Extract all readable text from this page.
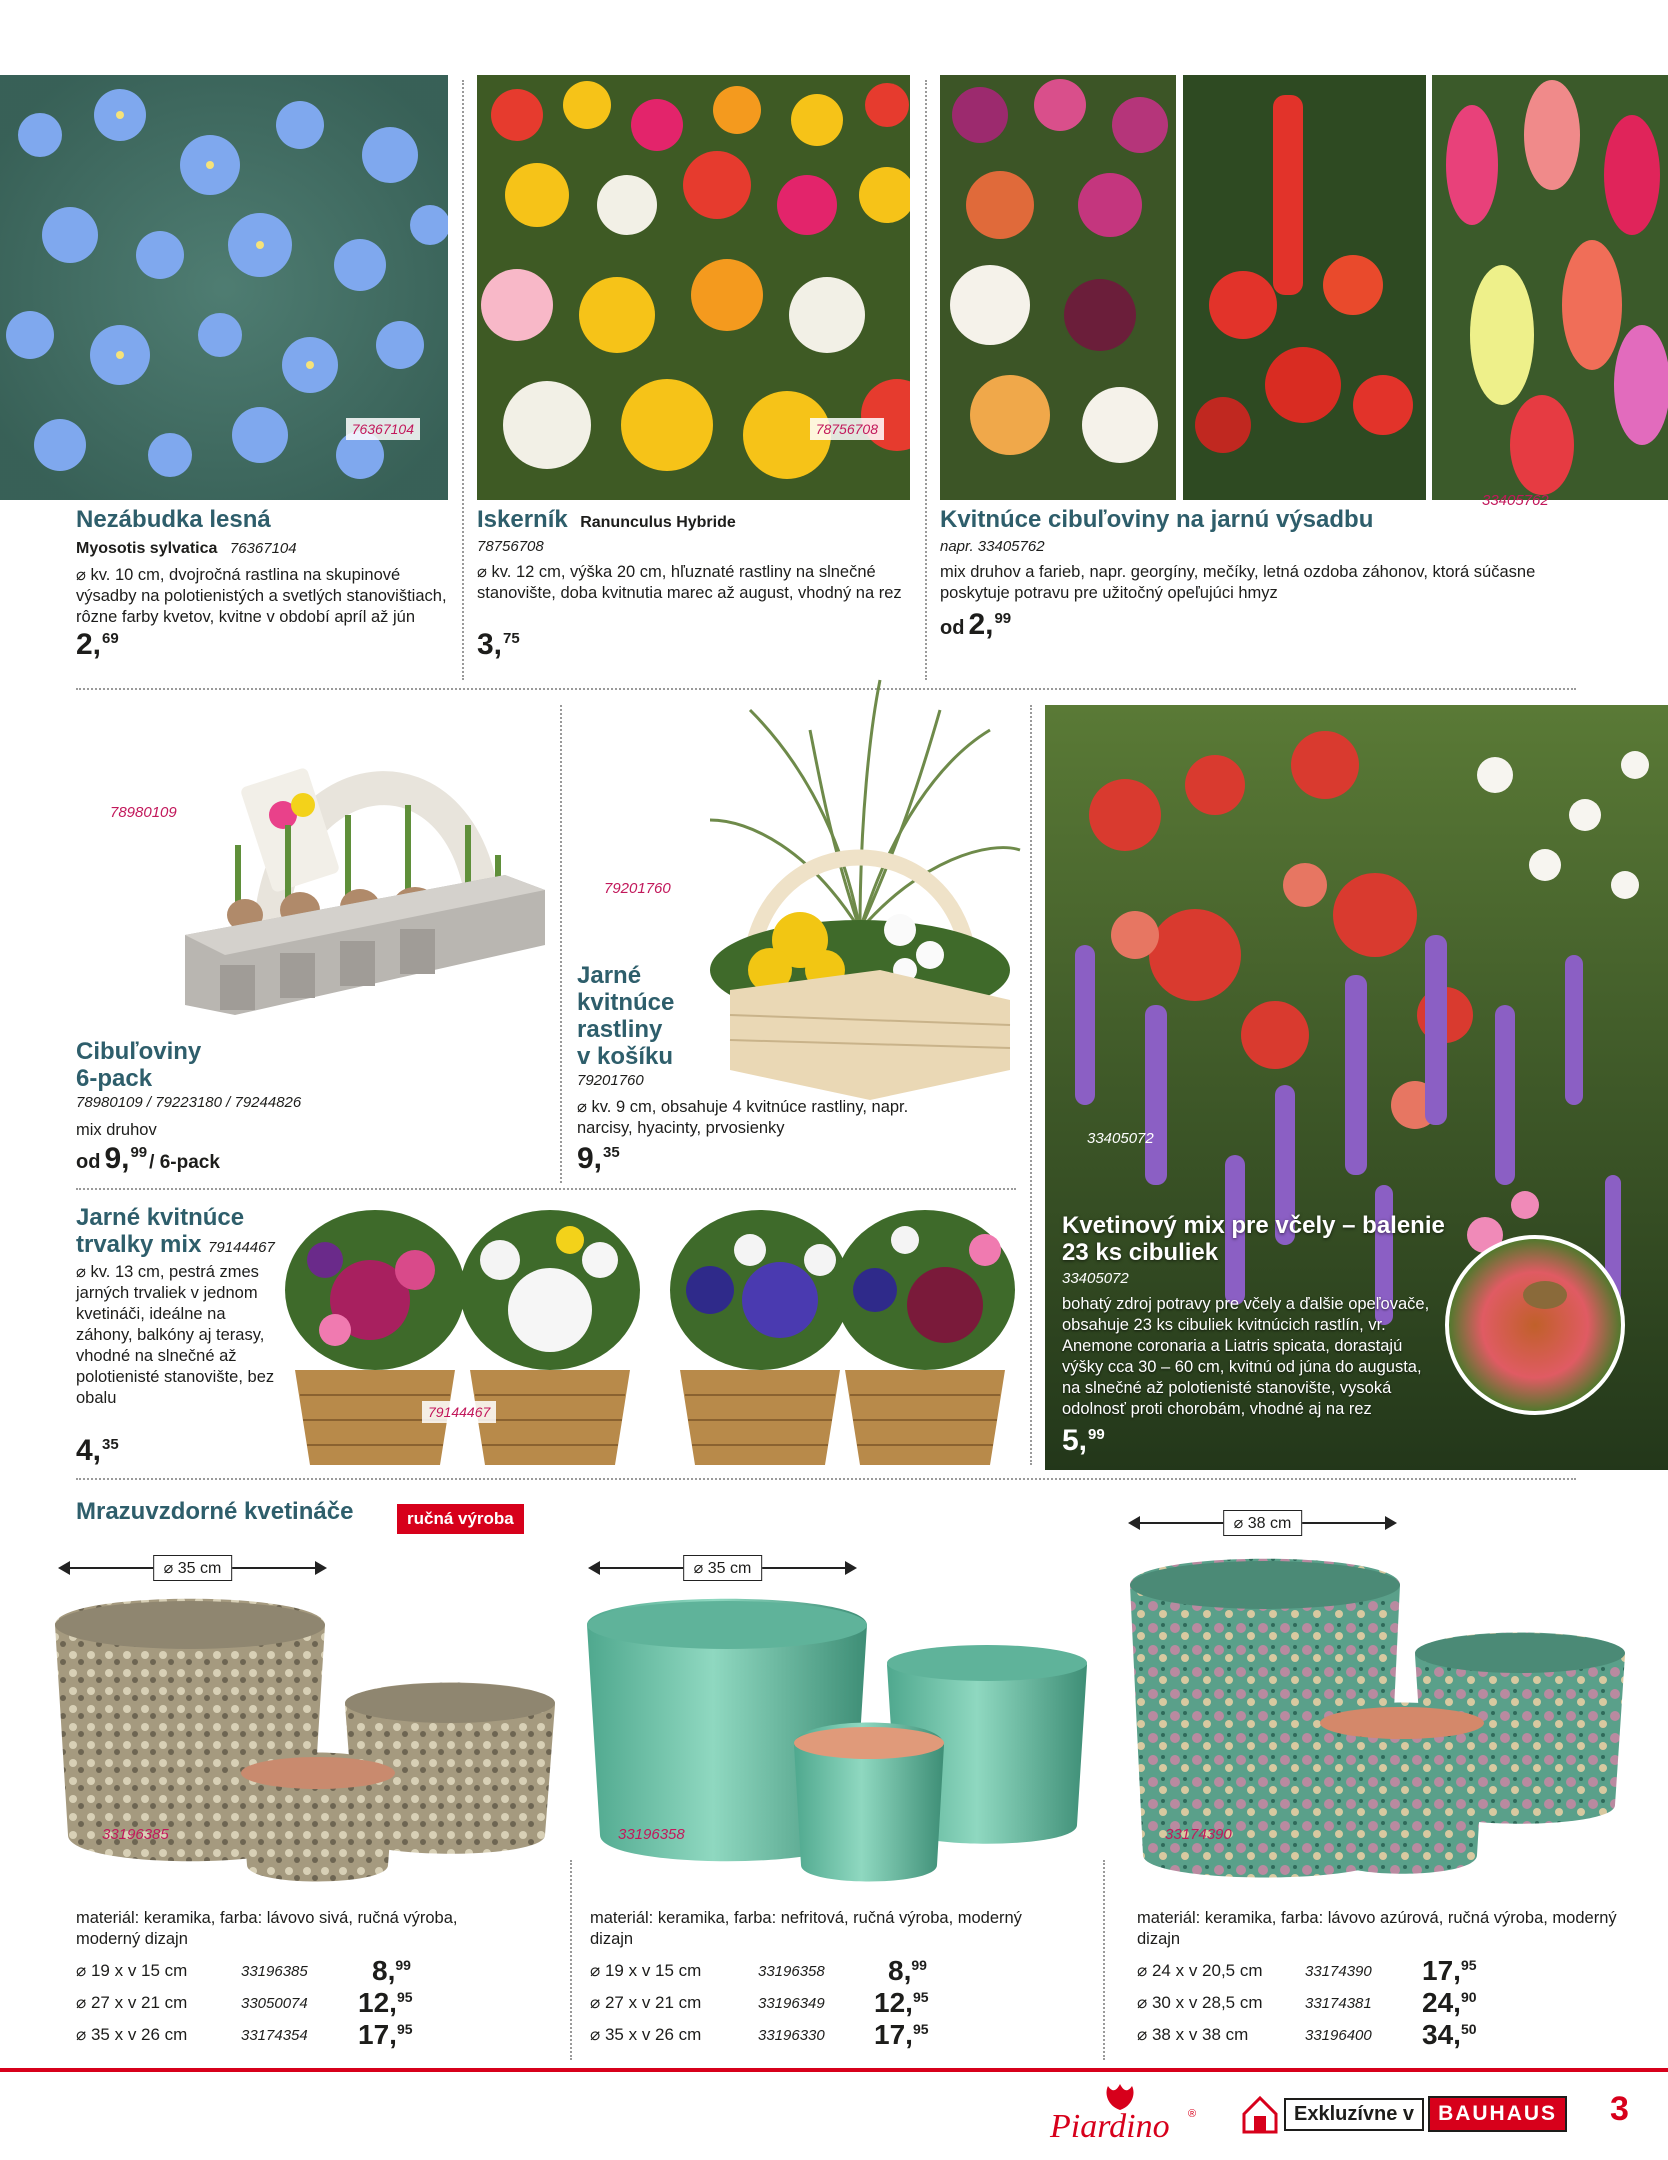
76367104	78756708
33405762
Nezábudka lesná
Myosotis sylvatica 76367104
⌀ kv. 10 cm, dvojročná rastlina na skupinové výsadby na polotienistých a svetlých stanovištiach, rôzne farby kvetov, kvitne v období apríl až jún
2,69
Iskerník Ranunculus Hybride
78756708
⌀ kv. 12 cm, výška 20 cm, hľuznaté rastliny na slnečné stanovište, doba kvitnutia marec až august, vhodný na rez
3,75
Kvitnúce cibuľoviny na jarnú výsadbu
napr. 33405762
mix druhov a farieb, napr. georgíny, mečíky, letná ozdoba záhonov, ktorá súčasne poskytuje potravu pre užitočný opeľujúci hmyz
od 2,99
78980109
Cibuľoviny
6-pack
78980109 / 79223180 / 79244826
mix druhov
od 9,99 / 6-pack
79201760
Jarné
kvitnúce
rastliny
v košíku
79201760
⌀ kv. 9 cm, obsahuje 4 kvitnúce rastliny, napr. narcisy, hyacinty, prvosienky
9,35
33405072
Kvetinový mix pre včely – balenie
23 ks cibuliek
33405072
bohatý zdroj potravy pre včely a ďalšie opeľovače, obsahuje 23 ks cibuliek kvitnúcich rastlín, vr. Anemone coronaria a Liatris spicata, dorastajú výšky cca 30 – 60 cm, kvitnú od júna do augusta, na slnečné až polotienisté stanovište, vysoká odolnosť proti chorobám, vhodné aj na rez
5,99
Jarné kvitnúce
trvalky mix 79144467
⌀ kv. 13 cm, pestrá zmes jarných trvaliek v jednom kvetináči, ideálne na záhony, balkóny aj terasy, vhodné na slnečné až polotienisté stanovište, bez obalu
4,35
79144467
Mrazuvzdorné kvetináče	ručná výroba
⌀ 35 cm
33196385
materiál: keramika, farba: lávovo sivá, ručná výroba, moderný dizajn
⌀ 19 x v 15 cm	33196385 8,99
⌀ 27 x v 21 cm	33050074 12,95
⌀ 35 x v 26 cm	33174354 17,95
⌀ 35 cm
33196358
materiál: keramika, farba: nefritová, ručná výroba, moderný dizajn
⌀ 19 x v 15 cm	33196358 8,99
⌀ 27 x v 21 cm	33196349 12,95
⌀ 35 x v 26 cm	33196330 17,95
⌀ 38 cm
33174390
materiál: keramika, farba: lávovo azúrová, ručná výroba, moderný dizajn
⌀ 24 x v 20,5 cm	33174390 17,95
⌀ 30 x v 28,5 cm	33174381 24,90
⌀ 38 x v 38 cm	33196400 34,50
Piardino ®	Exkluzívne v	BAUHAUS 3
